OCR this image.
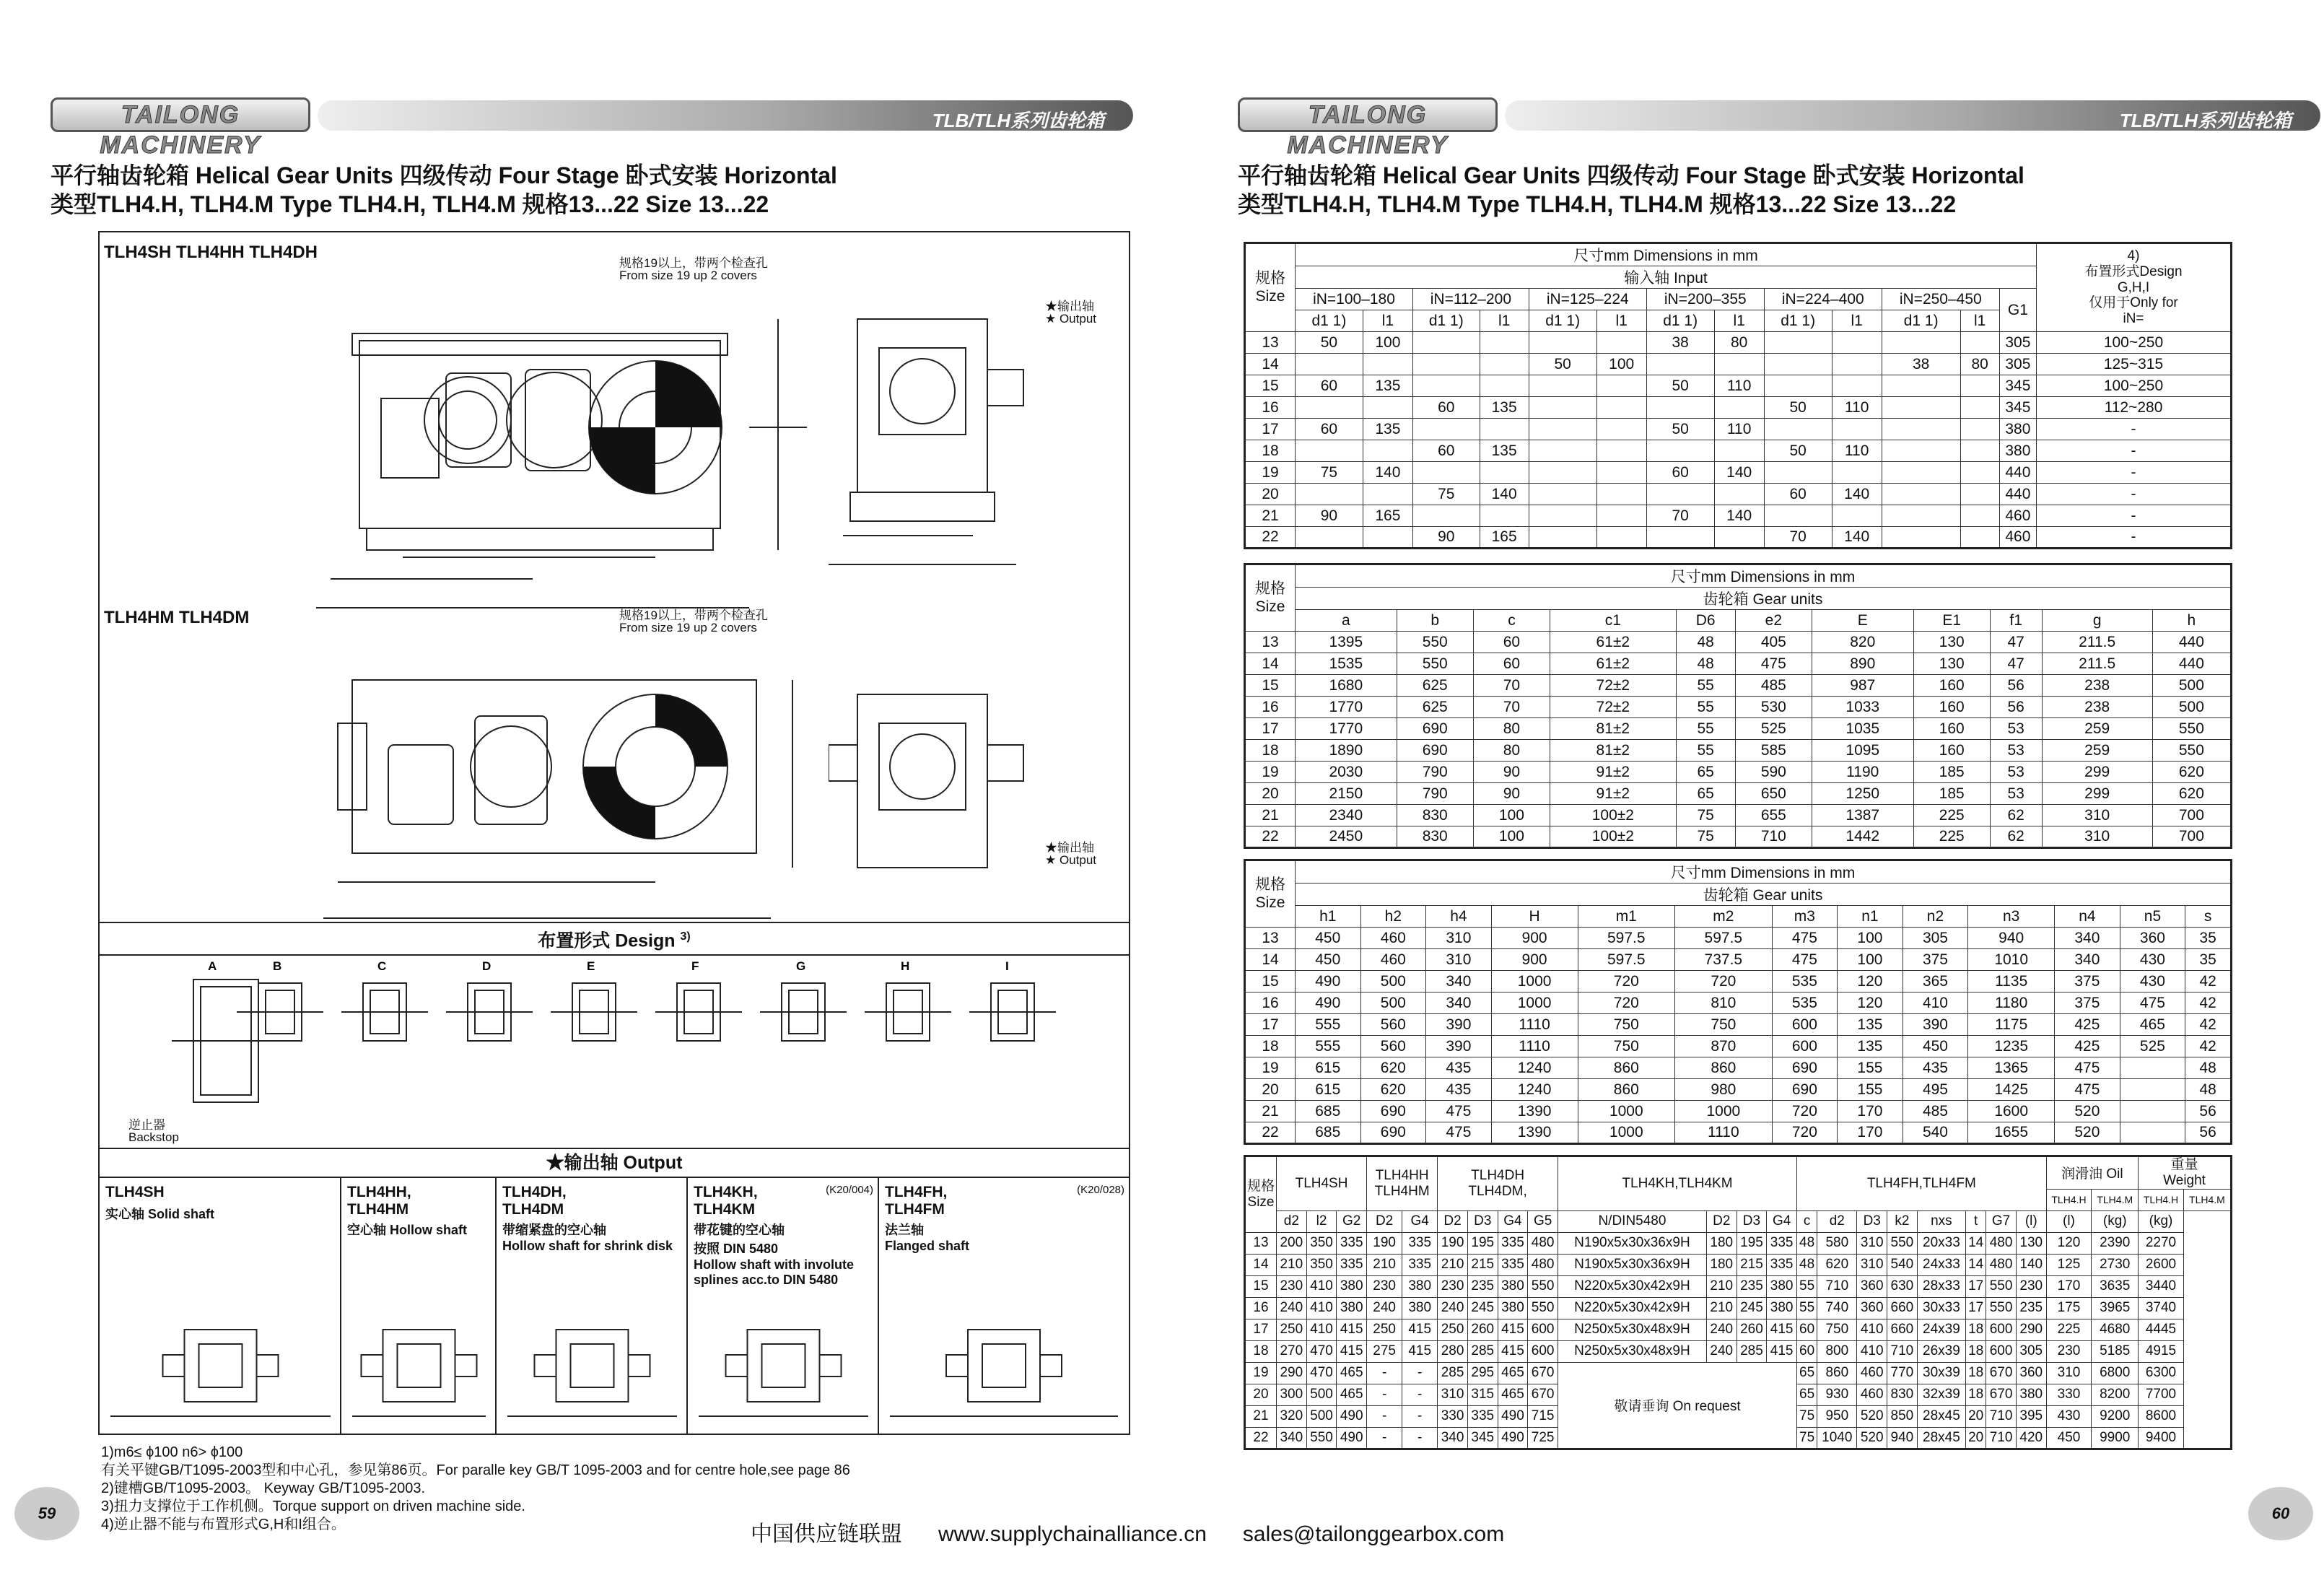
TAILONG MACHINERY
TLB/TLH系列齿轮箱
平行轴齿轮箱 Helical Gear Units 四级传动 Four Stage 卧式安装 Horizontal
类型TLH4.H, TLH4.M Type TLH4.H, TLH4.M 规格13...22 Size 13...22
TLH4SH TLH4HH TLH4DH
规格19以上，带两个检查孔
From size 19 up 2 covers
★输出轴
★ Output
TLH4HM TLH4DM	规格19以上，带两个检查孔
From size 19 up 2 covers
★输出轴
★ Output
布置形式 Design $^{3)}$
A	B	C	D	E	F	G	H	I
逆止器
Backstop
★输出轴 Output
TLH4SH
实心轴 Solid shaft
TLH4HH,
TLH4HM
空心轴 Hollow shaft
TLH4DH,
TLH4DM
带缩紧盘的空心轴
Hollow shaft for shrink disk
TLH4KH,
TLH4KM
带花键的空心轴
按照 DIN 5480
Hollow shaft with involute
splines acc.to DIN 5480
(K20/004) TLH4FH,
TLH4FM
法兰轴
Flanged shaft
(K20/028)
1)m6≤ ϕ100 n6> ϕ100
有关平键GB/T1095-2003型和中心孔，参见第86页。For paralle key GB/T 1095-2003 and for centre hole,see page 86
2)键槽GB/T1095-2003。 Keyway GB/T1095-2003.
3)扭力支撑位于工作机侧。Torque support on driven machine side.
4)逆止器不能与布置形式G,H和I组合。
59
TAILONG MACHINERY
TLB/TLH系列齿轮箱
平行轴齿轮箱 Helical Gear Units 四级传动 Four Stage 卧式安装 Horizontal
类型TLH4.H, TLH4.M Type TLH4.H, TLH4.M 规格13...22 Size 13...22
规格
Size	尺寸mm Dimensions in mm													4)
布置形式Design
G,H,I
仅用于Only for
iN=
	输入轴 Input													
	iN=100–180		iN=112–200		iN=125–224		iN=200–355		iN=224–400		iN=250–450		G1	
	d1 1)	l1	d1 1)	l1	d1 1)	l1	d1 1)	l1	d1 1)	l1	d1 1)	l1		
13	50	100					38	80					305	100~250
14					50	100					38	80	305	125~315
15	60	135					50	110					345	100~250
16			60	135					50	110			345	112~280
17	60	135					50	110					380	-
18			60	135					50	110			380	-
19	75	140					60	140					440	-
20			75	140					60	140			440	-
21	90	165					70	140					460	-
22			90	165					70	140			460	-
规格
Size	尺寸mm Dimensions in mm										
	齿轮箱 Gear units										
	a	b	c	c1	D6	e2	E	E1	f1	g	h
13	1395	550	60	61±2	48	405	820	130	47	211.5	440
14	1535	550	60	61±2	48	475	890	130	47	211.5	440
15	1680	625	70	72±2	55	485	987	160	56	238	500
16	1770	625	70	72±2	55	530	1033	160	56	238	500
17	1770	690	80	81±2	55	525	1035	160	53	259	550
18	1890	690	80	81±2	55	585	1095	160	53	259	550
19	2030	790	90	91±2	65	590	1190	185	53	299	620
20	2150	790	90	91±2	65	650	1250	185	53	299	620
21	2340	830	100	100±2	75	655	1387	225	62	310	700
22	2450	830	100	100±2	75	710	1442	225	62	310	700
规格
Size	尺寸mm Dimensions in mm												
	齿轮箱 Gear units												
	h1	h2	h4	H	m1	m2	m3	n1	n2	n3	n4	n5	s
13	450	460	310	900	597.5	597.5	475	100	305	940	340	360	35
14	450	460	310	900	597.5	737.5	475	100	375	1010	340	430	35
15	490	500	340	1000	720	720	535	120	365	1135	375	430	42
16	490	500	340	1000	720	810	535	120	410	1180	375	475	42
17	555	560	390	1110	750	750	600	135	390	1175	425	465	42
18	555	560	390	1110	750	870	600	135	450	1235	425	525	42
19	615	620	435	1240	860	860	690	155	435	1365	475		48
20	615	620	435	1240	860	980	690	155	495	1425	475		48
21	685	690	475	1390	1000	1000	720	170	485	1600	520		56
22	685	690	475	1390	1000	1110	720	170	540	1655	520		56
规格
Size	TLH4SH			TLH4HH
TLH4HM		TLH4DH
TLH4DM,				TLH4KH,TLH4KM				TLH4FH,TLH4FM								润滑油 Oil		重量
Weight	
																						TLH4.H	TLH4.M	TLH4.H	TLH4.M
	d2	l2	G2	D2	G4	D2	D3	G4	G5	N/DIN5480	D2	D3	G4	c	d2	D3	k2	nxs	t	G7	(l)	(l)	(kg)	(kg)	
13	200	350	335	190	335	190	195	335	480	N190x5x30x36x9H	180	195	335	48	580	310	550	20x33	14	480	130	120	2390	2270	
14	210	350	335	210	335	210	215	335	480	N190x5x30x36x9H	180	215	335	48	620	310	540	24x33	14	480	140	125	2730	2600	
15	230	410	380	230	380	230	235	380	550	N220x5x30x42x9H	210	235	380	55	710	360	630	28x33	17	550	230	170	3635	3440	
16	240	410	380	240	380	240	245	380	550	N220x5x30x42x9H	210	245	380	55	740	360	660	30x33	17	550	235	175	3965	3740	
17	250	410	415	250	415	250	260	415	600	N250x5x30x48x9H	240	260	415	60	750	410	660	24x39	18	600	290	225	4680	4445	
18	270	470	415	275	415	280	285	415	600	N250x5x30x48x9H	240	285	415	60	800	410	710	26x39	18	600	305	230	5185	4915	
19	290	470	465	-	-	285	295	465	670	敬请垂询 On request				65	860	460	770	30x39	18	670	360	310	6800	6300	
20	300	500	465	-	-	310	315	465	670					65	930	460	830	32x39	18	670	380	330	8200	7700	
21	320	500	490	-	-	330	335	490	715					75	950	520	850	28x45	20	710	395	430	9200	8600	
22	340	550	490	-	-	340	345	490	725					75	1040	520	940	28x45	20	710	420	450	9900	9400	
60
中国供应链联盟 www.supplychainalliance.cn sales@tailonggearbox.com
